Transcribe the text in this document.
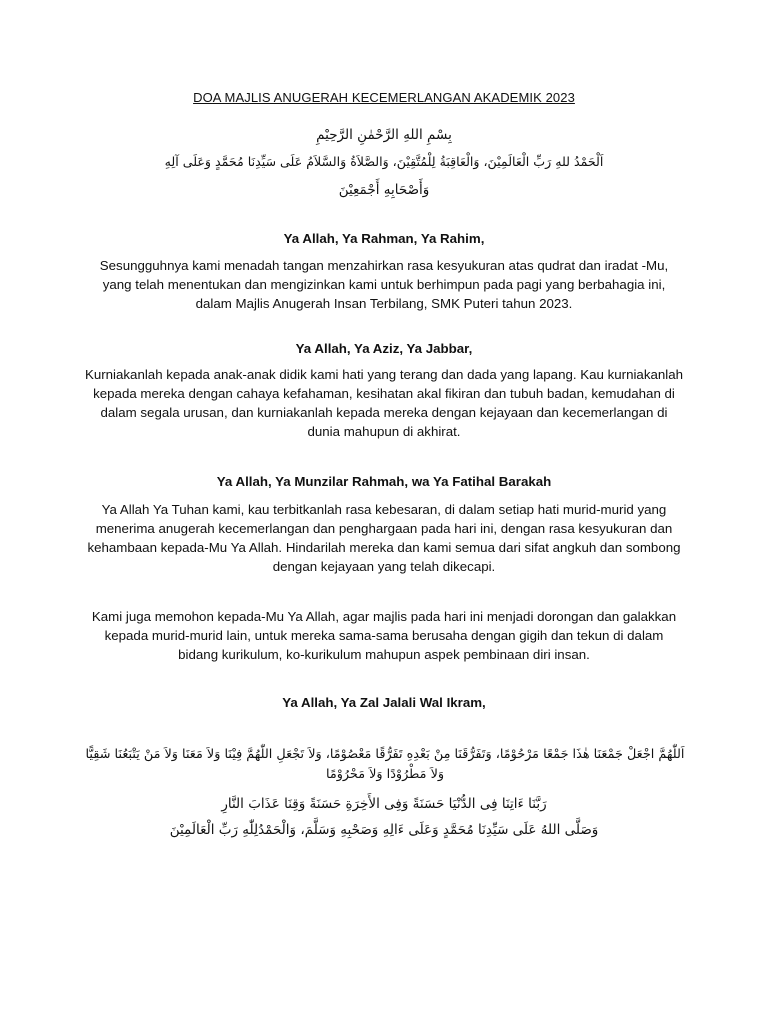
DOA MAJLIS ANUGERAH KECEMERLANGAN AKADEMIK 2023

بِسْمِ اللهِ الرَّحْمٰنِ الرَّحِيْمِ

اَلْحَمْدُ للهِ رَبِّ الْعَالَمِيْنَ، وَالْعَاقِبَةُ لِلْمُتَّقِيْنَ، وَالصَّلاَةُ وَالسَّلاَمُ عَلَى سَيِّدِنَا مُحَمَّدٍ وَعَلَى آلِهِ

وَأَصْحَابِهِ أَجْمَعِيْنَ

Ya Allah, Ya Rahman, Ya Rahim,

Sesungguhnya kami menadah tangan menzahirkan rasa kesyukuran atas qudrat dan iradat -Mu, yang telah menentukan dan mengizinkan kami untuk berhimpun pada pagi yang berbahagia ini, dalam Majlis Anugerah Insan Terbilang, SMK Puteri tahun 2023.

Ya Allah, Ya Aziz, Ya Jabbar,

Kurniakanlah kepada anak-anak didik kami hati yang terang dan dada yang lapang. Kau kurniakanlah kepada mereka dengan cahaya kefahaman, kesihatan akal fikiran dan tubuh badan, kemudahan di dalam segala urusan, dan kurniakanlah kepada mereka dengan kejayaan dan kecemerlangan di dunia mahupun di akhirat.

Ya Allah, Ya Munzilar Rahmah, wa Ya Fatihal Barakah

Ya Allah Ya Tuhan kami, kau terbitkanlah rasa kebesaran, di dalam setiap hati murid-murid yang menerima anugerah kecemerlangan dan penghargaan pada hari ini, dengan rasa kesyukuran dan kehambaan kepada-Mu Ya Allah. Hindarilah mereka dan kami semua dari sifat angkuh dan sombong dengan kejayaan yang telah dikecapi.

Kami juga memohon kepada-Mu Ya Allah, agar majlis pada hari ini menjadi dorongan dan galakkan kepada murid-murid lain, untuk mereka sama-sama berusaha dengan gigih dan tekun di dalam bidang kurikulum, ko-kurikulum mahupun aspek pembinaan diri insan.

Ya Allah, Ya Zal Jalali Wal Ikram,

اَللّٰهُمَّ اجْعَلْ جَمْعَنَا هٰذَا جَمْعًا مَرْحُوْمًا، وَتَفَرُّقَنَا مِنْ بَعْدِهِ تَفَرُّقًا مَعْصُوْمًا، وَلاَ تَجْعَلِ اللّٰهُمَّ فِيْنَا وَلاَ مَعَنَا وَلاَ مَنْ يَتْبَعُنَا شَقِيًّا وَلاَ مَطْرُوْدًا وَلاَ مَحْرُوْمًا

رَبَّنَا ءَاتِنَا فِى الدُّنْيَا حَسَنَةً وَفِى الأَخِرَةِ حَسَنَةً وَقِنَا عَذَابَ النَّارِ

وَصَلَّى اللهُ عَلَى سَيِّدِنَا مُحَمَّدٍ وَعَلَى ءَالِهِ وَصَحْبِهِ وَسَلَّمَ، وَالْحَمْدُلِلّٰهِ رَبِّ الْعَالَمِيْنَ
